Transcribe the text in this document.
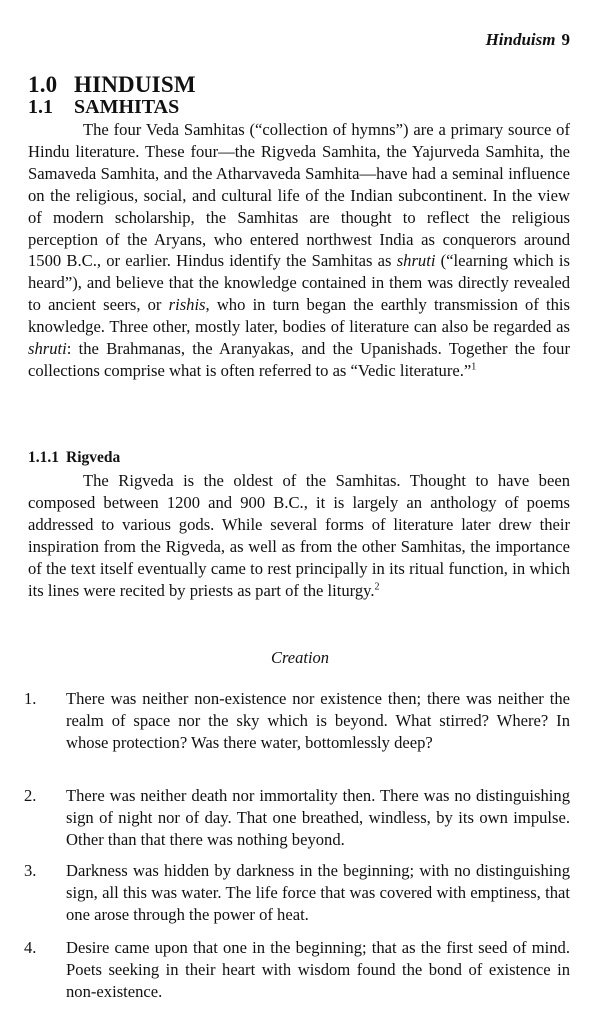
Hinduism 9
1.0 HINDUISM
1.1 SAMHITAS

The four Veda Samhitas (“collection of hymns”) are a primary source of Hindu literature. These four—the Rigveda Samhita, the Yajurveda Samhita, the Samaveda Samhita, and the Atharvaveda Samhita—have had a seminal influence on the religious, social, and cultural life of the Indian subcontinent. In the view of modern scholarship, the Samhitas are thought to reflect the religious perception of the Aryans, who entered northwest India as conquerors around 1500 B.C., or earlier. Hindus identify the Samhitas as shruti (“learning which is heard”), and believe that the knowledge contained in them was directly revealed to ancient seers, or rishis, who in turn began the earthly transmission of this knowledge. Three other, mostly later, bodies of literature can also be regarded as shruti: the Brahmanas, the Aranyakas, and the Upanishads. Together the four collections comprise what is often referred to as “Vedic literature.”$^1$

1.1.1 Rigveda

The Rigveda is the oldest of the Samhitas. Thought to have been composed between 1200 and 900 B.C., it is largely an anthology of poems addressed to various gods. While several forms of literature later drew their inspiration from the Rigveda, as well as from the other Samhitas, the importance of the text itself eventually came to rest principally in its ritual function, in which its lines were recited by priests as part of the liturgy.$^2$

Creation
1. There was neither non-existence nor existence then; there was neither the realm of space nor the sky which is beyond. What stirred? Where? In whose protection? Was there water, bottomlessly deep?
2. There was neither death nor immortality then. There was no distinguishing sign of night nor of day. That one breathed, windless, by its own impulse. Other than that there was nothing beyond.
3. Darkness was hidden by darkness in the beginning; with no distinguishing sign, all this was water. The life force that was covered with emptiness, that one arose through the power of heat.
4. Desire came upon that one in the beginning; that as the first seed of mind. Poets seeking in their heart with wisdom found the bond of existence in non-existence.
